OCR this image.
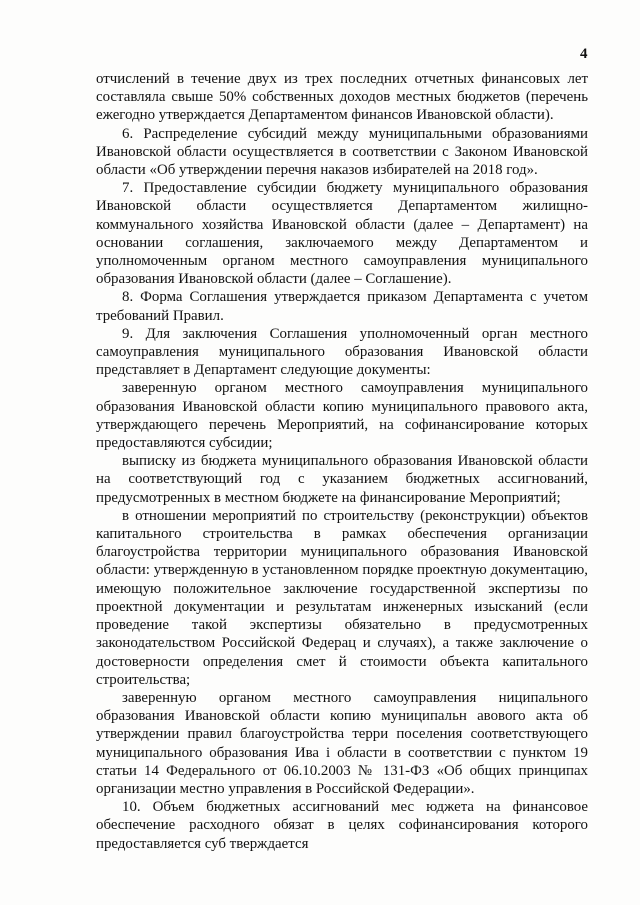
4

отчислений в течение двух из трех последних отчетных финансовых лет составляла свыше 50% собственных доходов местных бюджетов (перечень ежегодно утверждается Департаментом финансов Ивановской области).

6. Распределение субсидий между муниципальными образованиями Ивановской области осуществляется в соответствии с Законом Ивановской области «Об утверждении перечня наказов избирателей на 2018 год».

7. Предоставление субсидии бюджету муниципального образования Ивановской области осуществляется Департаментом жилищно-коммунального хозяйства Ивановской области (далее – Департамент) на основании соглашения, заключаемого между Департаментом и уполномоченным органом местного самоуправления муниципального образования Ивановской области (далее – Соглашение).

8. Форма Соглашения утверждается приказом Департамента с учетом требований Правил.

9. Для заключения Соглашения уполномоченный орган местного самоуправления муниципального образования Ивановской области представляет в Департамент следующие документы:

заверенную органом местного самоуправления муниципального образования Ивановской области копию муниципального правового акта, утверждающего перечень Мероприятий, на софинансирование которых предоставляются субсидии;

выписку из бюджета муниципального образования Ивановской области на соответствующий год с указанием бюджетных ассигнований, предусмотренных в местном бюджете на финансирование Мероприятий;

в отношении мероприятий по строительству (реконструкции) объектов капитального строительства в рамках обеспечения организации благоустройства территории муниципального образования Ивановской области: утвержденную в установленном порядке проектную документацию, имеющую положительное заключение государственной экспертизы по проектной документации и результатам инженерных изысканий (если проведение такой экспертизы обязательно в предусмотренных законодательством Российской Федерац и случаях), а также заключение о достоверности определения смет й стоимости объекта капитального строительства;

заверенную органом местного самоуправления ниципального образования Ивановской области копию муниципальн авового акта об утверждении правил благоустройства терри поселения соответствующего муниципального образования Ива і области в соответствии с пунктом 19 статьи 14 Федерального от 06.10.2003 № 131-ФЗ «Об общих принципах организации местно управления в Российской Федерации».

10. Объем бюджетных ассигнований мес юджета на финансовое обеспечение расходного обязат в целях софинансирования которого предоставляется суб тверждается
